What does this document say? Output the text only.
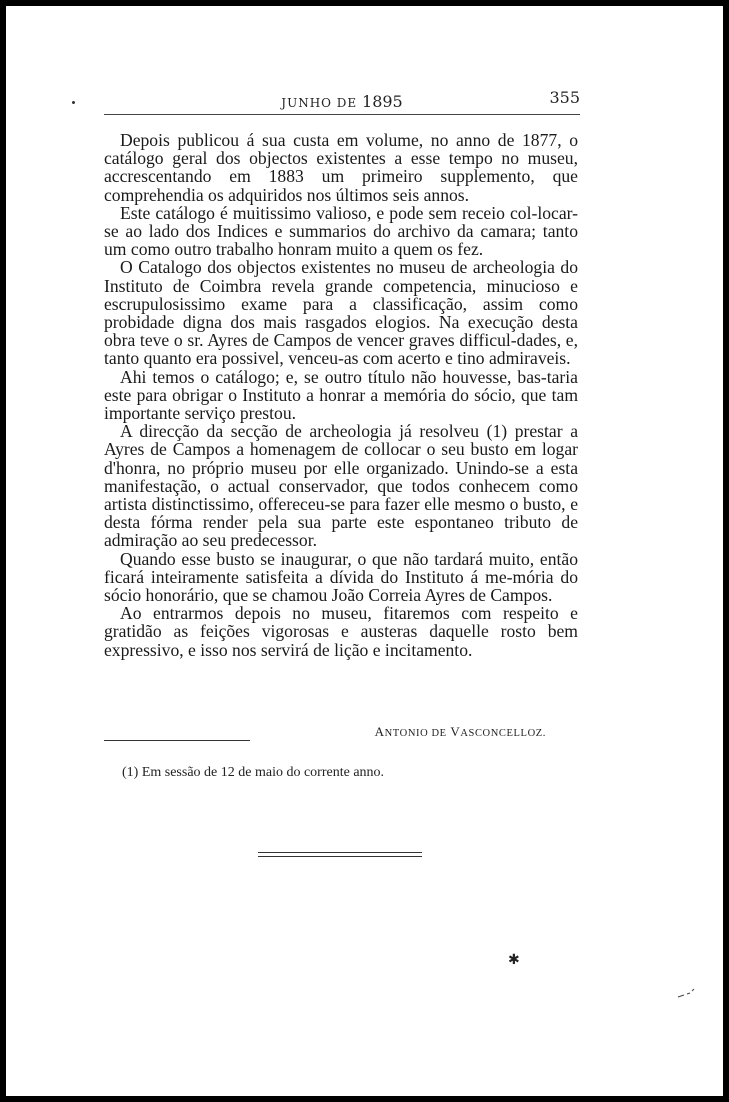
JUNHO DE 1895	355

Depois publicou á sua custa em volume, no anno de 1877, o catálogo geral dos objectos existentes a esse tempo no museu, accrescentando em 1883 um primeiro supplemento, que comprehendia os adquiridos nos últimos seis annos.

Este catálogo é muitissimo valioso, e pode sem receio col-locar-se ao lado dos Indices e summarios do archivo da camara; tanto um como outro trabalho honram muito a quem os fez.

O Catalogo dos objectos existentes no museu de archeologia do Instituto de Coimbra revela grande competencia, minucioso e escrupulosissimo exame para a classificação, assim como probidade digna dos mais rasgados elogios. Na execução desta obra teve o sr. Ayres de Campos de vencer graves difficul-dades, e, tanto quanto era possivel, venceu-as com acerto e tino admiraveis.

Ahi temos o catálogo; e, se outro título não houvesse, bas-taria este para obrigar o Instituto a honrar a memória do sócio, que tam importante serviço prestou.

A direcção da secção de archeologia já resolveu (1) prestar a Ayres de Campos a homenagem de collocar o seu busto em logar d'honra, no próprio museu por elle organizado. Unindo-se a esta manifestação, o actual conservador, que todos conhecem como artista distinctissimo, offereceu-se para fazer elle mesmo o busto, e desta fórma render pela sua parte este espontaneo tributo de admiração ao seu predecessor.

Quando esse busto se inaugurar, o que não tardará muito, então ficará inteiramente satisfeita a dívida do Instituto á me-mória do sócio honorário, que se chamou João Correia Ayres de Campos.

Ao entrarmos depois no museu, fitaremos com respeito e gratidão as feições vigorosas e austeras daquelle rosto bem expressivo, e isso nos servirá de lição e incitamento.

ANTONIO DE VASCONCELLOZ.
(1) Em sessão de 12 de maio do corrente anno.
✱
